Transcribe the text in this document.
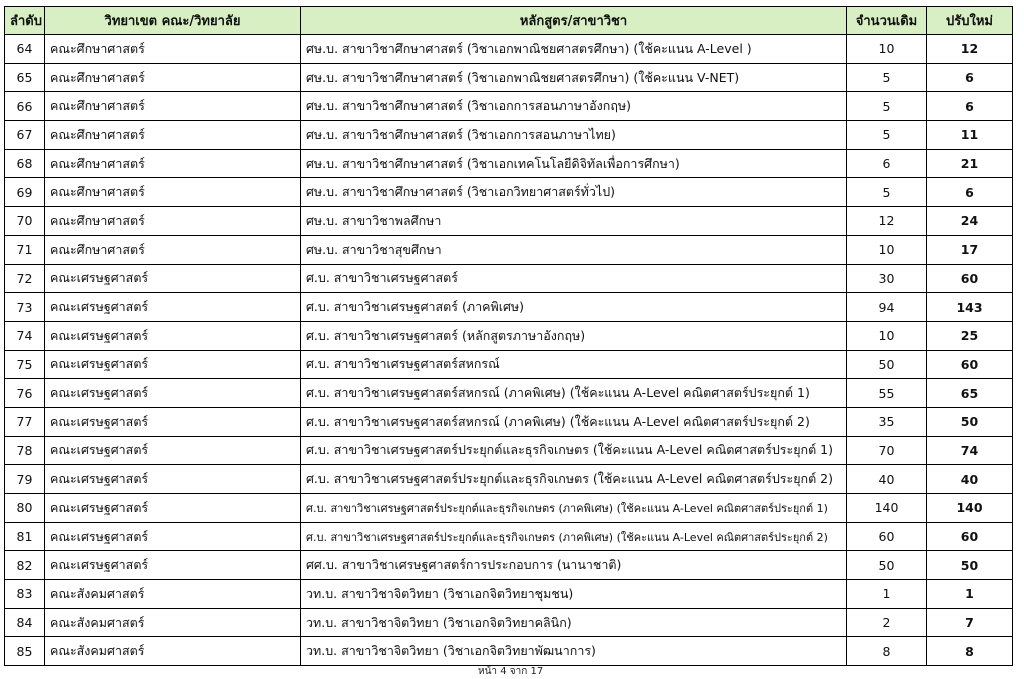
ลำดับ	วิทยาเขต คณะ/วิทยาลัย	หลักสูตร/สาขาวิชา	จำนวนเดิม	ปรับใหม่
64	คณะศึกษาศาสตร์	ศษ.บ. สาขาวิชาศึกษาศาสตร์ (วิชาเอกพาณิชยศาสตรศึกษา) (ใช้คะแนน A-Level )	10	12
65	คณะศึกษาศาสตร์	ศษ.บ. สาขาวิชาศึกษาศาสตร์ (วิชาเอกพาณิชยศาสตรศึกษา) (ใช้คะแนน V-NET)	5	6
66	คณะศึกษาศาสตร์	ศษ.บ. สาขาวิชาศึกษาศาสตร์ (วิชาเอกการสอนภาษาอังกฤษ)	5	6
67	คณะศึกษาศาสตร์	ศษ.บ. สาขาวิชาศึกษาศาสตร์ (วิชาเอกการสอนภาษาไทย)	5	11
68	คณะศึกษาศาสตร์	ศษ.บ. สาขาวิชาศึกษาศาสตร์ (วิชาเอกเทคโนโลยีดิจิทัลเพื่อการศึกษา)	6	21
69	คณะศึกษาศาสตร์	ศษ.บ. สาขาวิชาศึกษาศาสตร์ (วิชาเอกวิทยาศาสตร์ทั่วไป)	5	6
70	คณะศึกษาศาสตร์	ศษ.บ. สาขาวิชาพลศึกษา	12	24
71	คณะศึกษาศาสตร์	ศษ.บ. สาขาวิชาสุขศึกษา	10	17
72	คณะเศรษฐศาสตร์	ศ.บ. สาขาวิชาเศรษฐศาสตร์	30	60
73	คณะเศรษฐศาสตร์	ศ.บ. สาขาวิชาเศรษฐศาสตร์ (ภาคพิเศษ)	94	143
74	คณะเศรษฐศาสตร์	ศ.บ. สาขาวิชาเศรษฐศาสตร์ (หลักสูตรภาษาอังกฤษ)	10	25
75	คณะเศรษฐศาสตร์	ศ.บ. สาขาวิชาเศรษฐศาสตร์สหกรณ์	50	60
76	คณะเศรษฐศาสตร์	ศ.บ. สาขาวิชาเศรษฐศาสตร์สหกรณ์ (ภาคพิเศษ) (ใช้คะแนน A-Level คณิตศาสตร์ประยุกต์ 1)	55	65
77	คณะเศรษฐศาสตร์	ศ.บ. สาขาวิชาเศรษฐศาสตร์สหกรณ์ (ภาคพิเศษ) (ใช้คะแนน A-Level คณิตศาสตร์ประยุกต์ 2)	35	50
78	คณะเศรษฐศาสตร์	ศ.บ. สาขาวิชาเศรษฐศาสตร์ประยุกต์และธุรกิจเกษตร (ใช้คะแนน A-Level คณิตศาสตร์ประยุกต์ 1)	70	74
79	คณะเศรษฐศาสตร์	ศ.บ. สาขาวิชาเศรษฐศาสตร์ประยุกต์และธุรกิจเกษตร (ใช้คะแนน A-Level คณิตศาสตร์ประยุกต์ 2)	40	40
80	คณะเศรษฐศาสตร์	ศ.บ. สาขาวิชาเศรษฐศาสตร์ประยุกต์และธุรกิจเกษตร (ภาคพิเศษ) (ใช้คะแนน A-Level คณิตศาสตร์ประยุกต์ 1)	140	140
81	คณะเศรษฐศาสตร์	ศ.บ. สาขาวิชาเศรษฐศาสตร์ประยุกต์และธุรกิจเกษตร (ภาคพิเศษ) (ใช้คะแนน A-Level คณิตศาสตร์ประยุกต์ 2)	60	60
82	คณะเศรษฐศาสตร์	ศศ.บ. สาขาวิชาเศรษฐศาสตร์การประกอบการ (นานาชาติ)	50	50
83	คณะสังคมศาสตร์	วท.บ. สาขาวิชาจิตวิทยา (วิชาเอกจิตวิทยาชุมชน)	1	1
84	คณะสังคมศาสตร์	วท.บ. สาขาวิชาจิตวิทยา (วิชาเอกจิตวิทยาคลินิก)	2	7
85	คณะสังคมศาสตร์	วท.บ. สาขาวิชาจิตวิทยา (วิชาเอกจิตวิทยาพัฒนาการ)	8	8
หน้า 4 จาก 17
